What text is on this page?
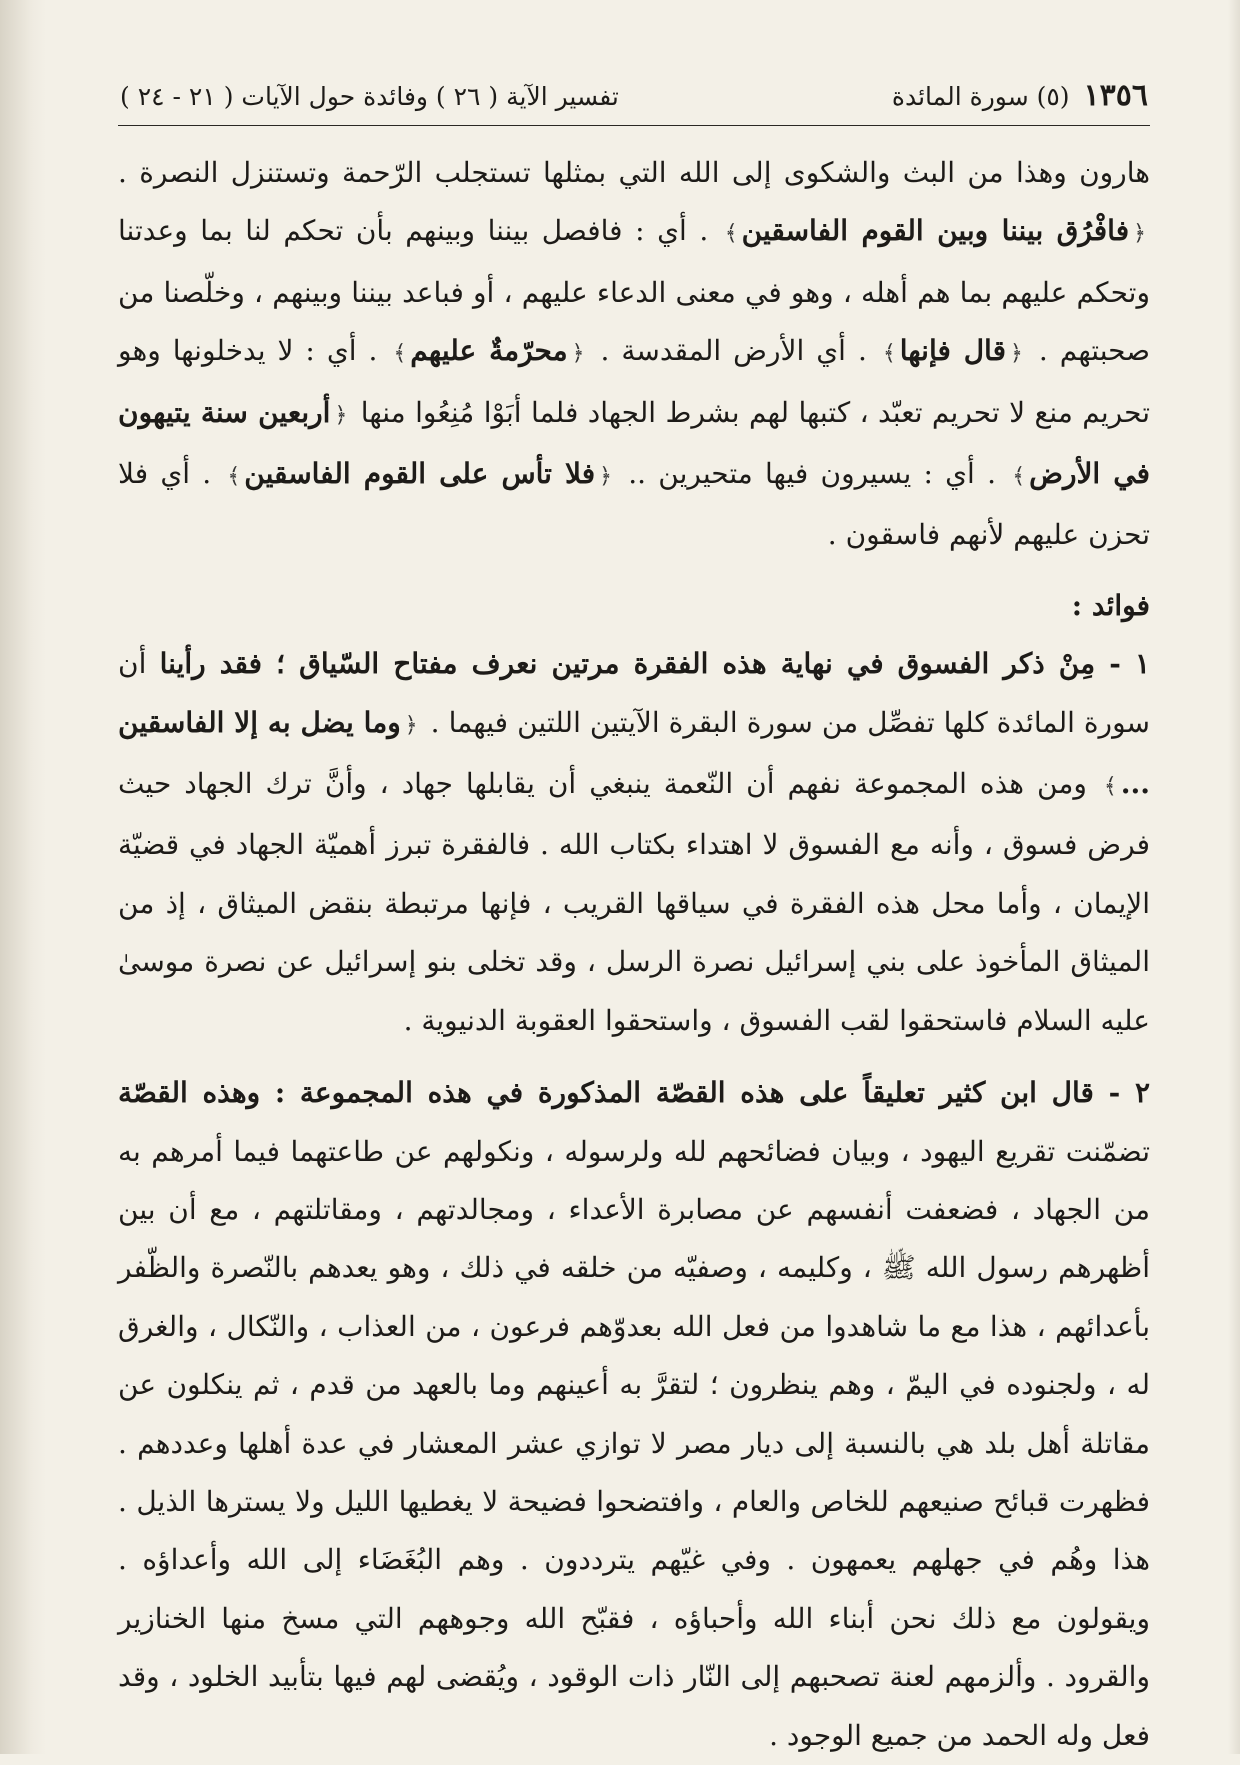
١٣٥٦
(٥) سورة المائدة
تفسير الآية ( ٢٦ ) وفائدة حول الآيات ( ٢١ - ٢٤ )

هارون وهذا من البث والشكوى إلى الله التي بمثلها تستجلب الرّحمة وتستنزل النصرة . ﴿فافْرُق بيننا وبين القوم الفاسقين﴾ . أي : فافصل بيننا وبينهم بأن تحكم لنا بما وعدتنا وتحكم عليهم بما هم أهله ، وهو في معنى الدعاء عليهم ، أو فباعد بيننا وبينهم ، وخلّصنا من صحبتهم . ﴿قال فإنها﴾ . أي الأرض المقدسة . ﴿محرّمةٌ عليهم﴾ . أي : لا يدخلونها وهو تحريم منع لا تحريم تعبّد ، كتبها لهم بشرط الجهاد فلما أبَوْا مُنِعُوا منها ﴿أربعين سنة يتيهون في الأرض﴾ . أي : يسيرون فيها متحيرين .. ﴿فلا تأس على القوم الفاسقين﴾ . أي فلا تحزن عليهم لأنهم فاسقون .

فوائد :

١ - مِنْ ذكر الفسوق في نهاية هذه الفقرة مرتين نعرف مفتاح السّياق ؛ فقد رأينا أن سورة المائدة كلها تفصِّل من سورة البقرة الآيتين اللتين فيهما . ﴿وما يضل به إلا الفاسقين ...﴾ ومن هذه المجموعة نفهم أن النّعمة ينبغي أن يقابلها جهاد ، وأنَّ ترك الجهاد حيث فرض فسوق ، وأنه مع الفسوق لا اهتداء بكتاب الله . فالفقرة تبرز أهميّة الجهاد في قضيّة الإيمان ، وأما محل هذه الفقرة في سياقها القريب ، فإنها مرتبطة بنقض الميثاق ، إذ من الميثاق المأخوذ على بني إسرائيل نصرة الرسل ، وقد تخلى بنو إسرائيل عن نصرة موسىٰ عليه السلام فاستحقوا لقب الفسوق ، واستحقوا العقوبة الدنيوية .

٢ - قال ابن كثير تعليقاً على هذه القصّة المذكورة في هذه المجموعة : وهذه القصّة تضمّنت تقريع اليهود ، وبيان فضائحهم لله ولرسوله ، ونكولهم عن طاعتهما فيما أمرهم به من الجهاد ، فضعفت أنفسهم عن مصابرة الأعداء ، ومجالدتهم ، ومقاتلتهم ، مع أن بين أظهرهم رسول الله ﷺ ، وكليمه ، وصفيّه من خلقه في ذلك ، وهو يعدهم بالنّصرة والظّفر بأعدائهم ، هذا مع ما شاهدوا من فعل الله بعدوّهم فرعون ، من العذاب ، والنّكال ، والغرق له ، ولجنوده في اليمّ ، وهم ينظرون ؛ لتقرَّ به أعينهم وما بالعهد من قدم ، ثم ينكلون عن مقاتلة أهل بلد هي بالنسبة إلى ديار مصر لا توازي عشر المعشار في عدة أهلها وعددهم . فظهرت قبائح صنيعهم للخاص والعام ، وافتضحوا فضيحة لا يغطيها الليل ولا يسترها الذيل . هذا وهُم في جهلهم يعمهون . وفي غيّهم يترددون . وهم البُغَضَاء إلى الله وأعداؤه . ويقولون مع ذلك نحن أبناء الله وأحباؤه ، فقبّح الله وجوههم التي مسخ منها الخنازير والقرود . وألزمهم لعنة تصحبهم إلى النّار ذات الوقود ، ويُقضى لهم فيها بتأبيد الخلود ، وقد فعل وله الحمد من جميع الوجود .
